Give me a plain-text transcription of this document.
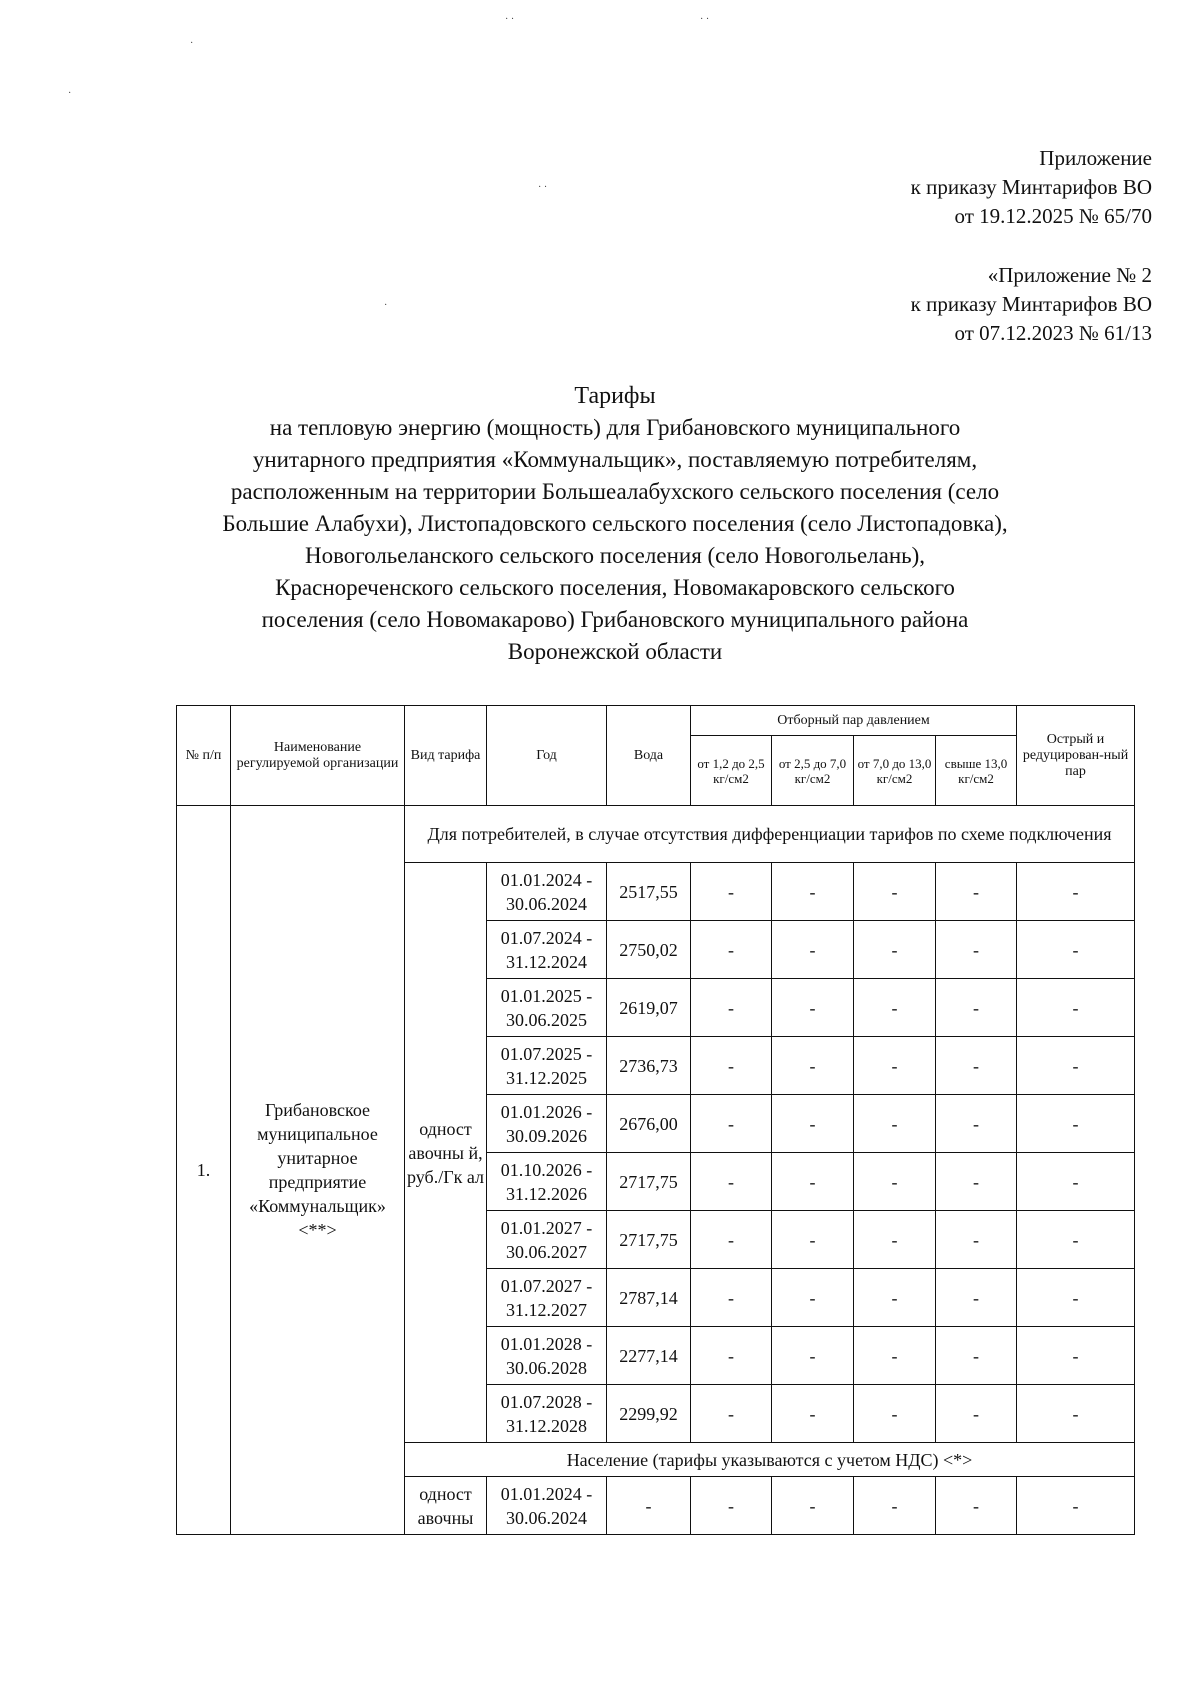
· ·	· ·
·
·
· ·
·
Приложение
к приказу Минтарифов ВО
от 19.12.2025 № 65/70
«Приложение № 2
к приказу Минтарифов ВО
от 07.12.2023 № 61/13
Тарифы
на тепловую энергию (мощность) для Грибановского муниципального
унитарного предприятия «Коммунальщик», поставляемую потребителям,
расположенным на территории Большеалабухского сельского поселения (село
Большие Алабухи), Листопадовского сельского поселения (село Листопадовка),
Новогольеланского сельского поселения (село Новогольелань),
Краснореченского сельского поселения, Новомакаровского сельского
поселения (село Новомакарово) Грибановского муниципального района
Воронежской области
№ п/п	Наименование регулируемой организации	Вид тарифа	Год	Вода	Отборный пар давлением				Острый и редуцирован-ный пар
					от 1,2 до 2,5 кг/см2	от 2,5 до 7,0 кг/см2	от 7,0 до 13,0 кг/см2	свыше 13,0 кг/см2	
1.	Грибановское муниципальное унитарное предприятие «Коммунальщик» <**>	Для потребителей, в случае отсутствия дифференциации тарифов по схеме подключения							
		одност авочны й, руб./Гк ал	01.01.2024 - 30.06.2024	2517,55	-	-	-	-	-
			01.07.2024 - 31.12.2024	2750,02	-	-	-	-	-
			01.01.2025 - 30.06.2025	2619,07	-	-	-	-	-
			01.07.2025 - 31.12.2025	2736,73	-	-	-	-	-
			01.01.2026 - 30.09.2026	2676,00	-	-	-	-	-
			01.10.2026 - 31.12.2026	2717,75	-	-	-	-	-
			01.01.2027 - 30.06.2027	2717,75	-	-	-	-	-
			01.07.2027 - 31.12.2027	2787,14	-	-	-	-	-
			01.01.2028 - 30.06.2028	2277,14	-	-	-	-	-
			01.07.2028 - 31.12.2028	2299,92	-	-	-	-	-
		Население (тарифы указываются с учетом НДС) <*>							
		одност авочны	01.01.2024 - 30.06.2024	-	-	-	-	-	-
